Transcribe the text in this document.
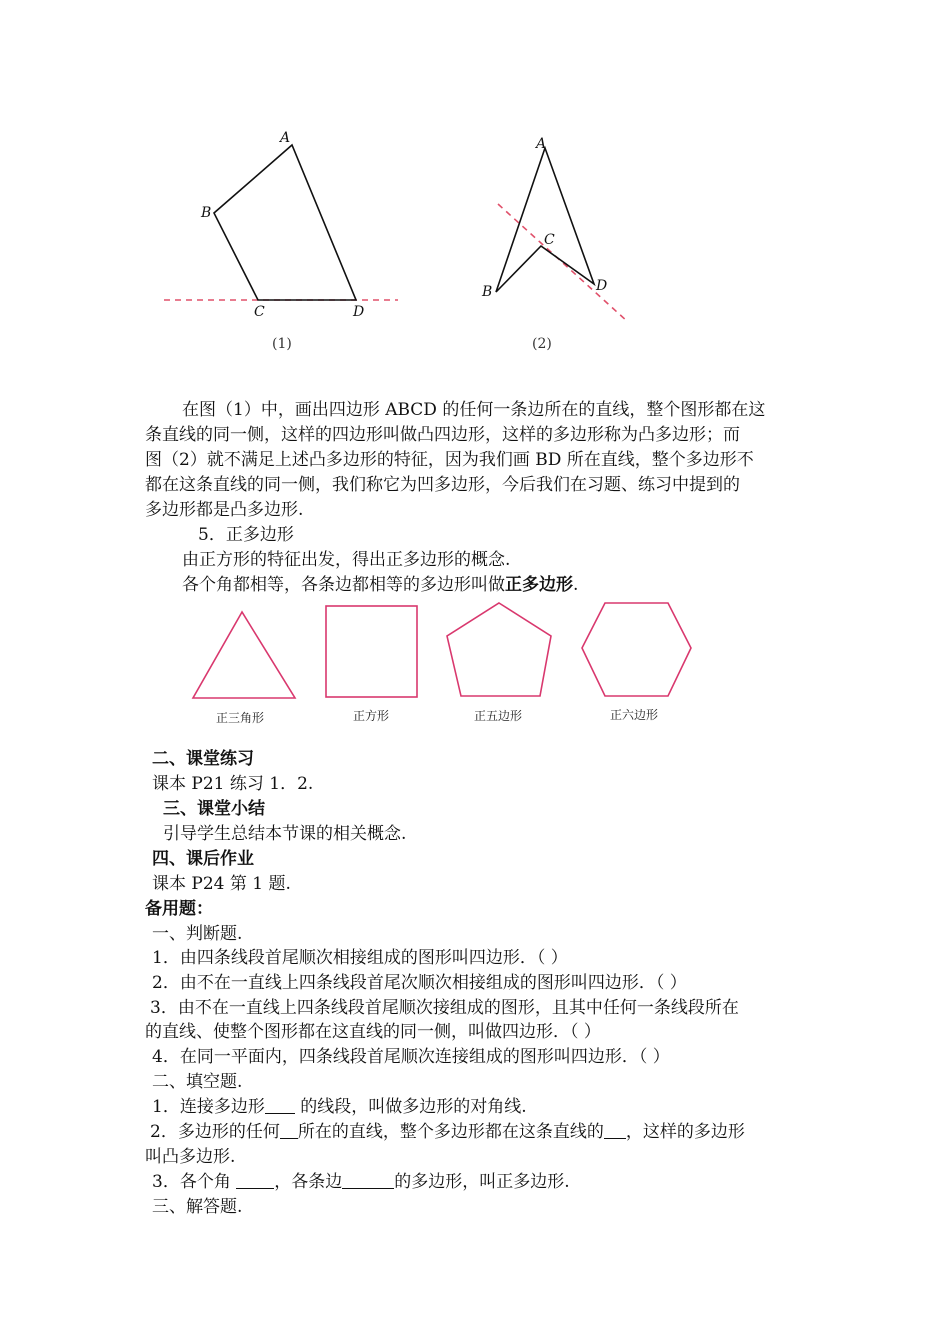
A
B
C	D
(1)
A
B
C
D
(2)
在图（1）中，画出四边形 ABCD 的任何一条边所在的直线，整个图形都在这
条直线的同一侧，这样的四边形叫做凸四边形，这样的多边形称为凸多边形；而
图（2）就不满足上述凸多边形的特征，因为我们画 BD 所在直线，整个多边形不
都在这条直线的同一侧，我们称它为凹多边形，今后我们在习题、练习中提到的
多边形都是凸多边形.
5．正多边形
由正方形的特征出发，得出正多边形的概念.
各个角都相等，各条边都相等的多边形叫做正多边形.
正三角形	正方形	正五边形	正六边形
二、课堂练习
课本 P21 练习 1．2.
三、课堂小结
引导学生总结本节课的相关概念.
四、课后作业
课本 P24 第 1 题.
备用题：
一、判断题.
1．由四条线段首尾顺次相接组成的图形叫四边形．（ ）
2．由不在一直线上四条线段首尾次顺次相接组成的图形叫四边形．（ ）
3．由不在一直线上四条线段首尾顺次接组成的图形，且其中任何一条线段所在
的直线、使整个图形都在这直线的同一侧，叫做四边形．（ ）
4．在同一平面内，四条线段首尾顺次连接组成的图形叫四边形．（ ）
二、填空题.
1．连接多边形 的线段，叫做多边形的对角线.
2．多边形的任何 所在的直线，整个多边形都在这条直线的 ，这样的多边形
叫凸多边形.
3．各个角 ，各条边	的多边形，叫正多边形.
三、解答题.
